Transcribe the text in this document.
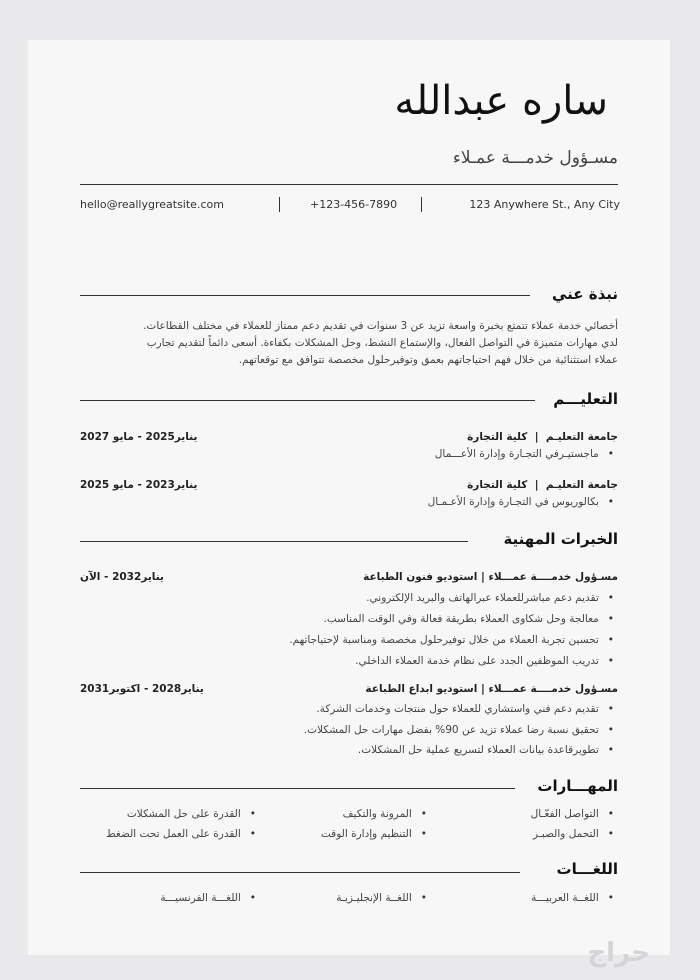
ساره عبدالله
مسـؤول خدمـــة عمـلاء
hello@reallygreatsite.com	+123-456-7890	123 Anywhere St., Any City
نبذة عني
أخصائي خدمة عملاء تتمتع بخبرة واسعة تزيد عن 3 سنوات في تقديم دعم ممتاز للعملاء في مختلف القطاعات.
لدي مهارات متميزة في التواصل الفعال، والإستماع النشط، وحل المشكلات بكفاءة. أسعى دائماً لتقديم تجارب
عملاء استثنائية من خلال فهم احتياجاتهم بعمق وتوفيرحلول مخصصة تتوافق مع توقعاتهم.
التعليـــم
جامعة التعليـم  |  كلية التجارة
يناير2025 - مايو 2027
• ماجستيـرفي التجـارة وإدارة الأعـــمال
جامعة التعليـم  |  كلية التجارة
يناير2023 - مايو 2025
• بكالوريوس في التجـارة وإدارة الأعـمـال
الخبرات المهنية
مسـؤول خدمــــة عمـــلاء | استوديو فنون الطباعة
يناير2032 - الآن
• تقديم دعم مباشرللعملاء عبرالهاتف والبريد الإلكتروني.
• معالجة وحل شكاوى العملاء بطريقة فعالة وفي الوقت المناسب.
• تحسين تجربة العملاء من خلال توفيرحلول مخصصة ومناسبة لإحتياجاتهم.
• تدريب الموظفين الجدد على نظام خدمة العملاء الداخلي.
مسـؤول خدمــــة عمـــلاء | استوديو ابداع الطباعة
يناير2028 - اكتوبر2031
• تقديم دعم فني واستشاري للعملاء حول منتجات وخدمات الشركة.
• تحقيق نسبة رضا عملاء تزيد عن 90% بفضل مهارات حل المشكلات.
• تطويرقاعدة بيانات العملاء لتسريع عملية حل المشكلات.
المهـــارات
• التواصل الفعّـال
• المرونة والتكيف
• القدرة على حل المشكلات
• التحمل والصبـر
• التنظيم وإدارة الوقت
• القدرة على العمل تحت الضغط
اللغـــات
• اللغــة العربيـــة
• اللغــة الإنجليـزيـة
• اللغـــة الفرنسيـــة
حراج
